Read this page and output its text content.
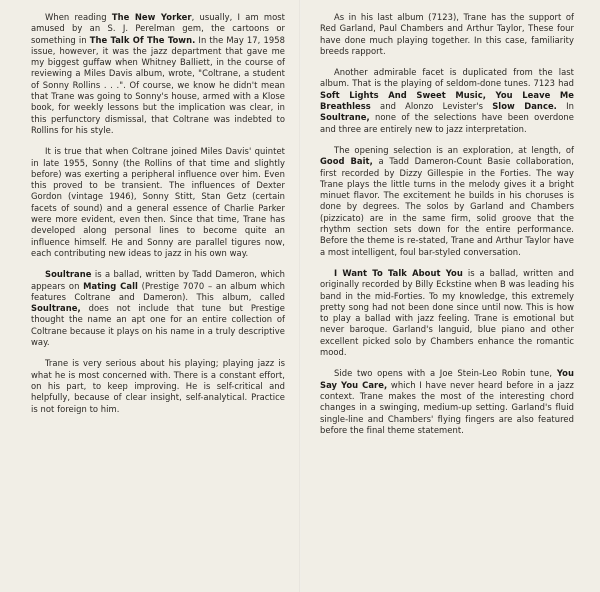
When reading The New Yorker, usually, I am most amused by an S. J. Perelman gem, the cartoons or something in The Talk Of The Town. In the May 17, 1958 issue, however, it was the jazz department that gave me my biggest guffaw when Whitney Balliett, in the course of reviewing a Miles Davis album, wrote, "Coltrane, a student of Sonny Rollins . . .". Of course, we know he didn't mean that Trane was going to Sonny's house, armed with a Klose book, for weekly lessons but the implication was clear, in this perfunctory dismissal, that Coltrane was indebted to Rollins for his style.

It is true that when Coltrane joined Miles Davis' quintet in late 1955, Sonny (the Rollins of that time and slightly before) was exerting a peripheral influence over him. Even this proved to be transient. The influences of Dexter Gordon (vintage 1946), Sonny Stitt, Stan Getz (certain facets of sound) and a general essence of Charlie Parker were more evident, even then. Since that time, Trane has developed along personal lines to become quite an influence himself. He and Sonny are parallel tigures now, each contributing new ideas to jazz in his own way.

Soultrane is a ballad, written by Tadd Dameron, which appears on Mating Call (Prestige 7070 – an album which features Coltrane and Dameron). This album, called Soultrane, does not include that tune but Prestige thought the name an apt one for an entire collection of Coltrane because it plays on his name in a truly descriptive way.

Trane is very serious about his playing; playing jazz is what he is most concerned with. There is a constant effort, on his part, to keep improving. He is self-critical and helpfully, because of clear insight, self-analytical. Practice is not foreign to him.

As in his last album (7123), Trane has the support of Red Garland, Paul Chambers and Arthur Taylor, These four have done much playing together. In this case, familiarity breeds rapport.

Another admirable facet is duplicated from the last album. That is the playing of seldom-done tunes. 7123 had Soft Lights And Sweet Music, You Leave Me Breathless and Alonzo Levister's Slow Dance. In Soultrane, none of the selections have been overdone and three are entirely new to jazz interpretation.

The opening selection is an exploration, at length, of Good Bait, a Tadd Dameron-Count Basie collaboration, first recorded by Dizzy Gillespie in the Forties. The way Trane plays the little turns in the melody gives it a bright minuet flavor. The excitement he builds in his choruses is done by degrees. The solos by Garland and Chambers (pizzicato) are in the same firm, solid groove that the rhythm section sets down for the entire performance. Before the theme is re-stated, Trane and Arthur Taylor have a most intelligent, foul bar-styled conversation.

I Want To Talk About You is a ballad, written and originally recorded by Billy Eckstine when B was leading his band in the mid-Forties. To my knowledge, this extremely pretty song had not been done since until now. This is how to play a ballad with jazz feeling. Trane is emotional but never baroque. Garland's languid, blue piano and other excellent picked solo by Chambers enhance the romantic mood.

Side two opens with a Joe Stein-Leo Robin tune, You Say You Care, which I have never heard before in a jazz context. Trane makes the most of the interesting chord changes in a swinging, medium-up setting. Garland's fluid single-line and Chambers' flying fingers are also featured before the final theme statement.
